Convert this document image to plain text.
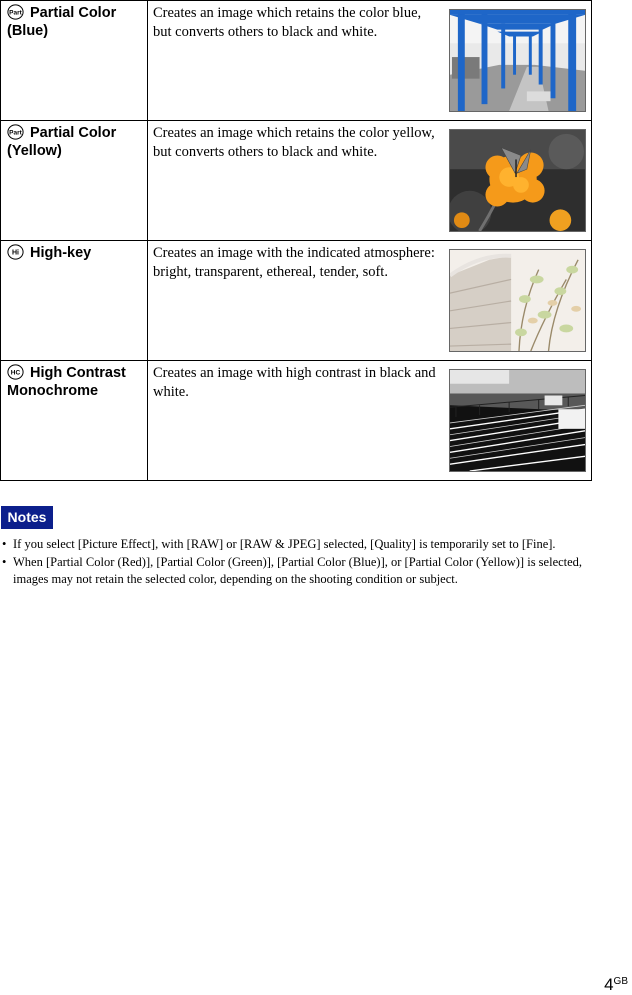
Part Partial Color (Blue)	Creates an image which retains the color blue, but converts others to black and white.

Part Partial Color (Yellow)	Creates an image which retains the color yellow, but converts others to black and white.

Hi High-key	Creates an image with the indicated atmosphere: bright, transparent, ethereal, tender, soft.

HC High Contrast Monochrome	Creates an image with high contrast in black and white.
Notes
• If you select [Picture Effect], with [RAW] or [RAW & JPEG] selected, [Quality] is temporarily set to [Fine].
• When [Partial Color (Red)], [Partial Color (Green)], [Partial Color (Blue)], or [Partial Color (Yellow)] is selected, images may not retain the selected color, depending on the shooting condition or subject.
$4^{GB}$
